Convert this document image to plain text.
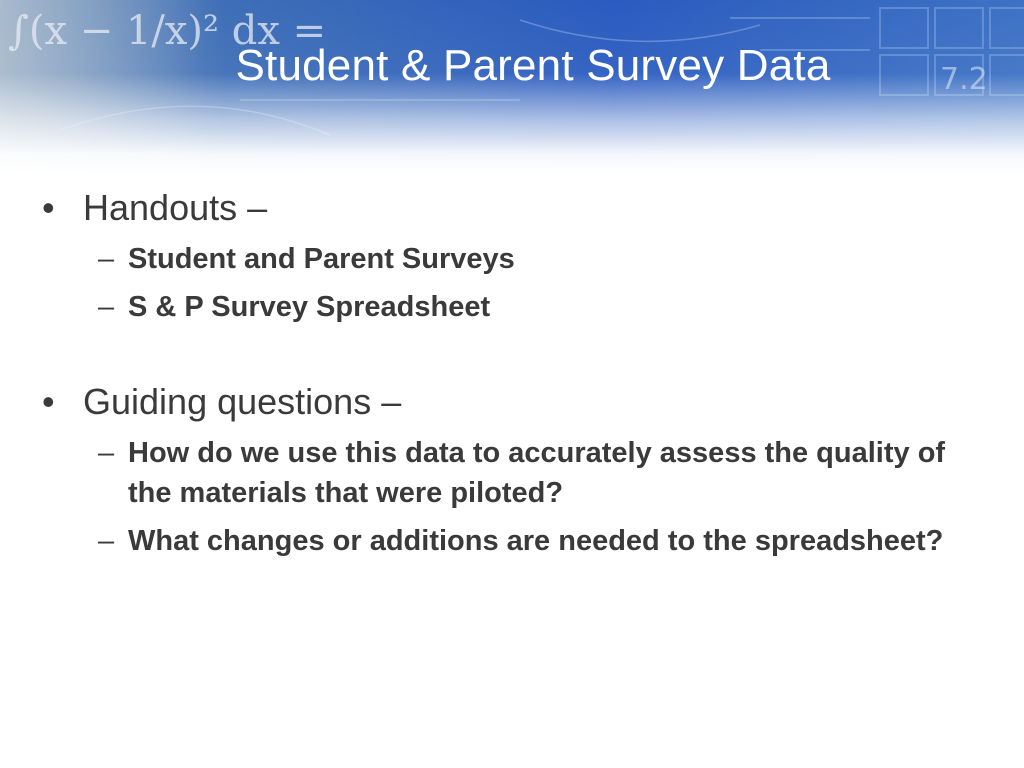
∫(x − 1/x)² dx =
7.2
Student & Parent Survey Data
• Handouts –
– Student and Parent Surveys
– S & P Survey Spreadsheet
• Guiding questions –
– How do we use this data to accurately assess the quality of the materials that were piloted?
– What changes or additions are needed to the spreadsheet?
